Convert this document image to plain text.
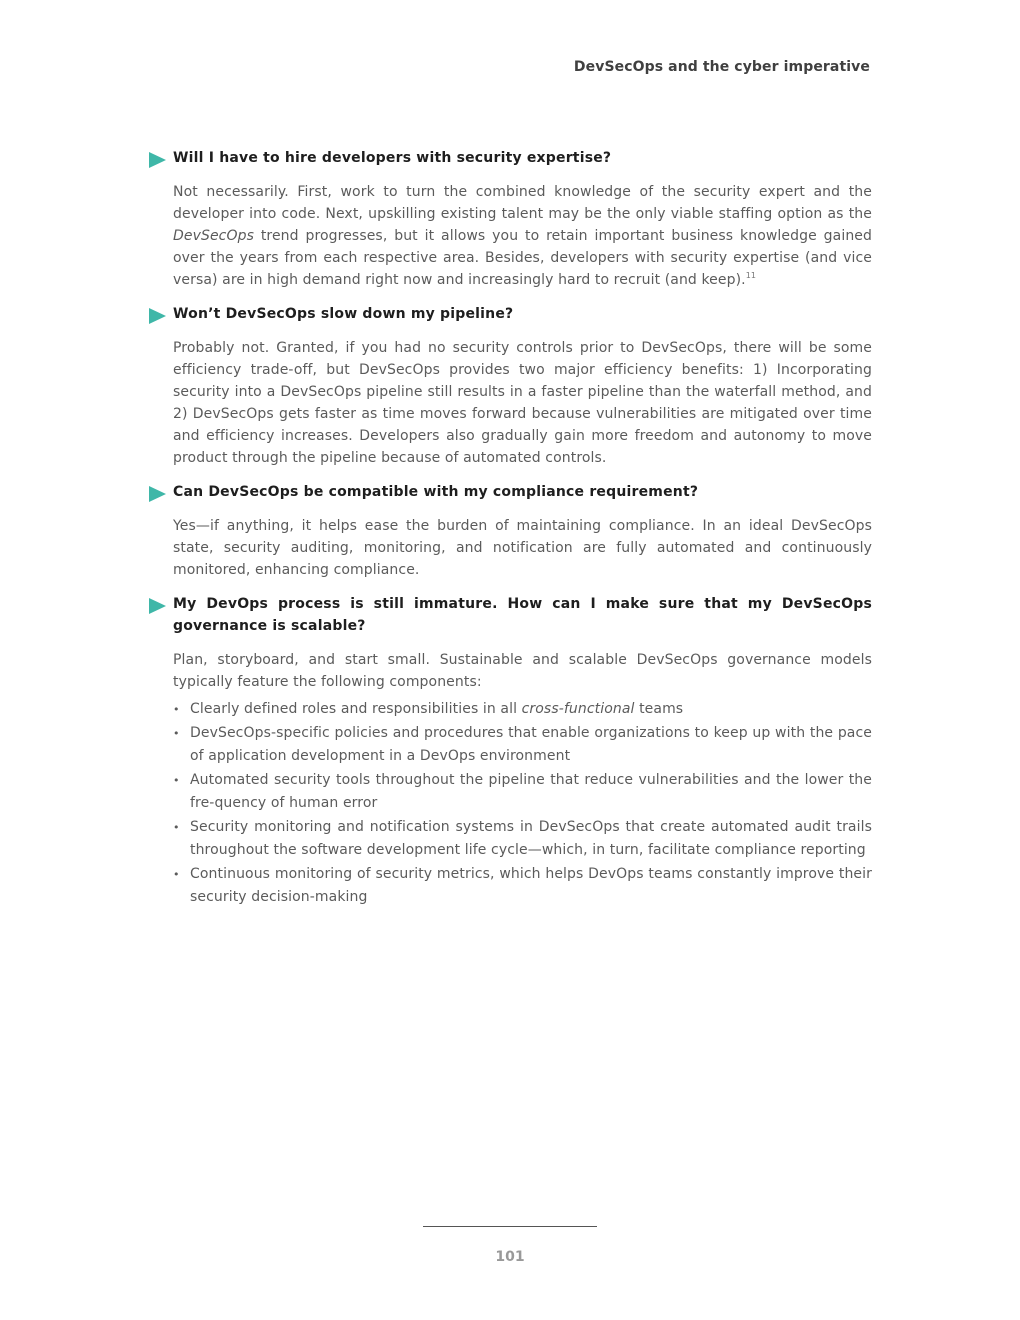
DevSecOps and the cyber imperative
Will I have to hire developers with security expertise?

Not necessarily. First, work to turn the combined knowledge of the security expert and the developer into code. Next, upskilling existing talent may be the only viable staffing option as the DevSecOps trend progresses, but it allows you to retain important business knowledge gained over the years from each respective area. Besides, developers with security expertise (and vice versa) are in high demand right now and increasingly hard to recruit (and keep).$^{11}$

Won’t DevSecOps slow down my pipeline?

Probably not. Granted, if you had no security controls prior to DevSecOps, there will be some efficiency trade-off, but DevSecOps provides two major efficiency benefits: 1) Incorporating security into a DevSecOps pipeline still results in a faster pipeline than the waterfall method, and 2) DevSecOps gets faster as time moves forward because vulnerabilities are mitigated over time and efficiency increases. Developers also gradually gain more freedom and autonomy to move product through the pipeline because of automated controls.

Can DevSecOps be compatible with my compliance requirement?

Yes—if anything, it helps ease the burden of maintaining compliance. In an ideal DevSecOps state, security auditing, monitoring, and notification are fully automated and continuously monitored, enhancing compliance.

My DevOps process is still immature. How can I make sure that my DevSecOps governance is scalable?

Plan, storyboard, and start small. Sustainable and scalable DevSecOps governance models typically feature the following components:

• Clearly defined roles and responsibilities in all cross-functional teams
• DevSecOps-specific policies and procedures that enable organizations to keep up with the pace of application development in a DevOps environment
• Automated security tools throughout the pipeline that reduce vulnerabilities and the lower the fre-quency of human error
• Security monitoring and notification systems in DevSecOps that create automated audit trails throughout the software development life cycle—which, in turn, facilitate compliance reporting
• Continuous monitoring of security metrics, which helps DevOps teams constantly improve their security decision-making
101
